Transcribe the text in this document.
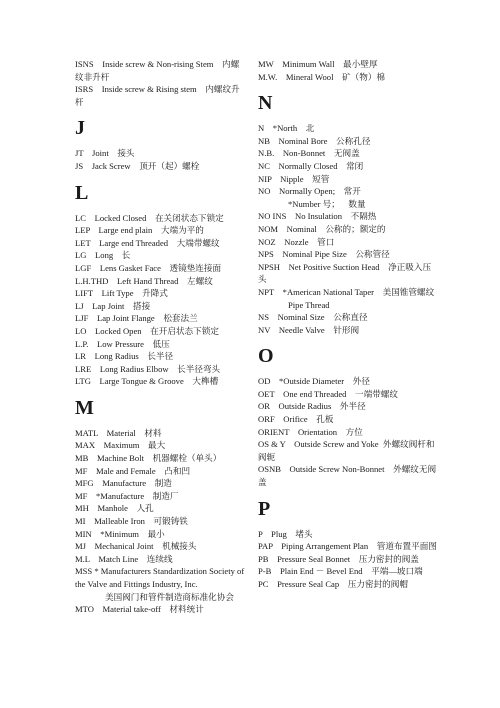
ISNS    Inside screw & Non-rising Stem    内螺纹非升杆
ISRS    Inside screw & Rising stem    内螺纹升        杆
J
JT    Joint    接头
JS    Jack Screw    顶开（起）螺栓
L
LC    Locked Closed    在关闭状态下锁定
LEP    Large end plain    大端为平的
LET    Large end Threaded    大端带螺纹
LG    Long    长
LGF    Lens Gasket Face    透镜垫连接面
L.H.THD    Left Hand Thread    左螺纹
LIFT    Lift Type    升降式
LJ    Lap Joint    搭接
LJF    Lap Joint Flange    松套法兰
LO    Locked Open    在开启状态下锁定
L.P.    Low Pressure    低压
LR    Long Radius    长半径
LRE    Long Radius Elbow    长半径弯头
LTG    Large Tongue & Groove    大榫槽
M
MATL    Material    材料
MAX    Maximum    最大
MB    Machine Bolt    机器螺栓（单头）
MF    Male and Female    凸和凹
MFG    Manufacture    制造
MF    *Manufacture    制造厂
MH    Manhole    人孔
MI    Malleable Iron    可锻铸铁
MIN    *Minimum    最小
MJ    Mechanical Joint    机械接头
M.L    Match Line    连续线
MSS * Manufacturers Standardization Society of the Valve and Fittings Industry, Inc.
美国阀门和管件制造商标准化协会
MTO    Material take-off    材料统计
MW    Minimum Wall    最小壁厚
M.W.    Mineral Wool    矿（物）棉
N
N    *North    北
NB    Nominal Bore    公称孔径
N.B.    Non-Bonnet    无阀盖
NC    Normally Closed    常闭
NIP    Nipple    短管
NO    Normally Open;    常开
*Number 号；    数量
NO INS    No Insulation    不隔热
NOM    Nominal    公称的；额定的
NOZ    Nozzle    管口
NPS    Nominal Pipe Size    公称管径
NPSH    Net Positive Suction Head    净正吸入压头
NPT    *American National Taper    美国锥管螺纹
Pipe Thread
NS    Nominal Size    公称直径
NV    Needle Valve    针形阀
O
OD    *Outside Diameter    外径
OET    One end Threaded    一端带螺纹
OR    Outside Radius    外半径
ORF    Orifice    孔板
ORIENT    Orientation    方位
OS & Y    Outside Screw and Yoke  外螺纹阀杆和阀轭
OSNB    Outside Screw Non-Bonnet    外螺纹无阀盖
P
P    Plug    堵头
PAP    Piping Arrangement Plan    管道布置平面图
PB    Pressure Seal Bonnet    压力密封的阀盖
P-B    Plain End － Bevel End    平端—坡口端
PC    Pressure Seal Cap    压力密封的阀帽
